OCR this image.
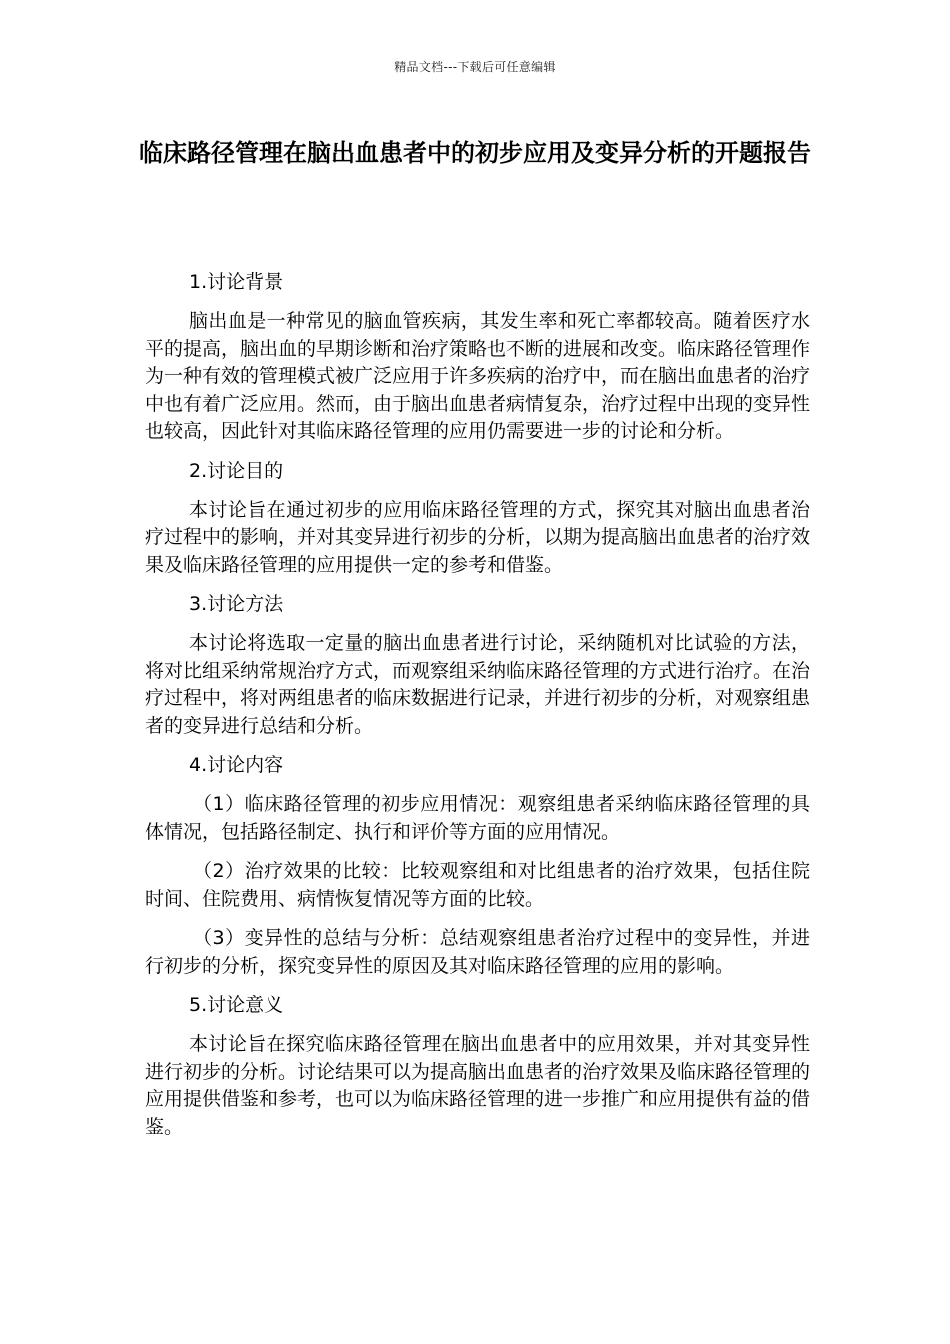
精品文档---下载后可任意编辑
临床路径管理在脑出血患者中的初步应用及变异分析的开题报告

1.讨论背景

脑出血是一种常见的脑血管疾病，其发生率和死亡率都较高。随着医疗水平的提高，脑出血的早期诊断和治疗策略也不断的进展和改变。临床路径管理作为一种有效的管理模式被广泛应用于许多疾病的治疗中，而在脑出血患者的治疗中也有着广泛应用。然而，由于脑出血患者病情复杂，治疗过程中出现的变异性也较高，因此针对其临床路径管理的应用仍需要进一步的讨论和分析。

2.讨论目的

本讨论旨在通过初步的应用临床路径管理的方式，探究其对脑出血患者治疗过程中的影响，并对其变异进行初步的分析，以期为提高脑出血患者的治疗效果及临床路径管理的应用提供一定的参考和借鉴。

3.讨论方法

本讨论将选取一定量的脑出血患者进行讨论，采纳随机对比试验的方法，将对比组采纳常规治疗方式，而观察组采纳临床路径管理的方式进行治疗。在治疗过程中，将对两组患者的临床数据进行记录，并进行初步的分析，对观察组患者的变异进行总结和分析。

4.讨论内容

（1）临床路径管理的初步应用情况：观察组患者采纳临床路径管理的具体情况，包括路径制定、执行和评价等方面的应用情况。

（2）治疗效果的比较：比较观察组和对比组患者的治疗效果，包括住院时间、住院费用、病情恢复情况等方面的比较。

（3）变异性的总结与分析：总结观察组患者治疗过程中的变异性，并进行初步的分析，探究变异性的原因及其对临床路径管理的应用的影响。

5.讨论意义

本讨论旨在探究临床路径管理在脑出血患者中的应用效果，并对其变异性进行初步的分析。讨论结果可以为提高脑出血患者的治疗效果及临床路径管理的应用提供借鉴和参考，也可以为临床路径管理的进一步推广和应用提供有益的借鉴。
